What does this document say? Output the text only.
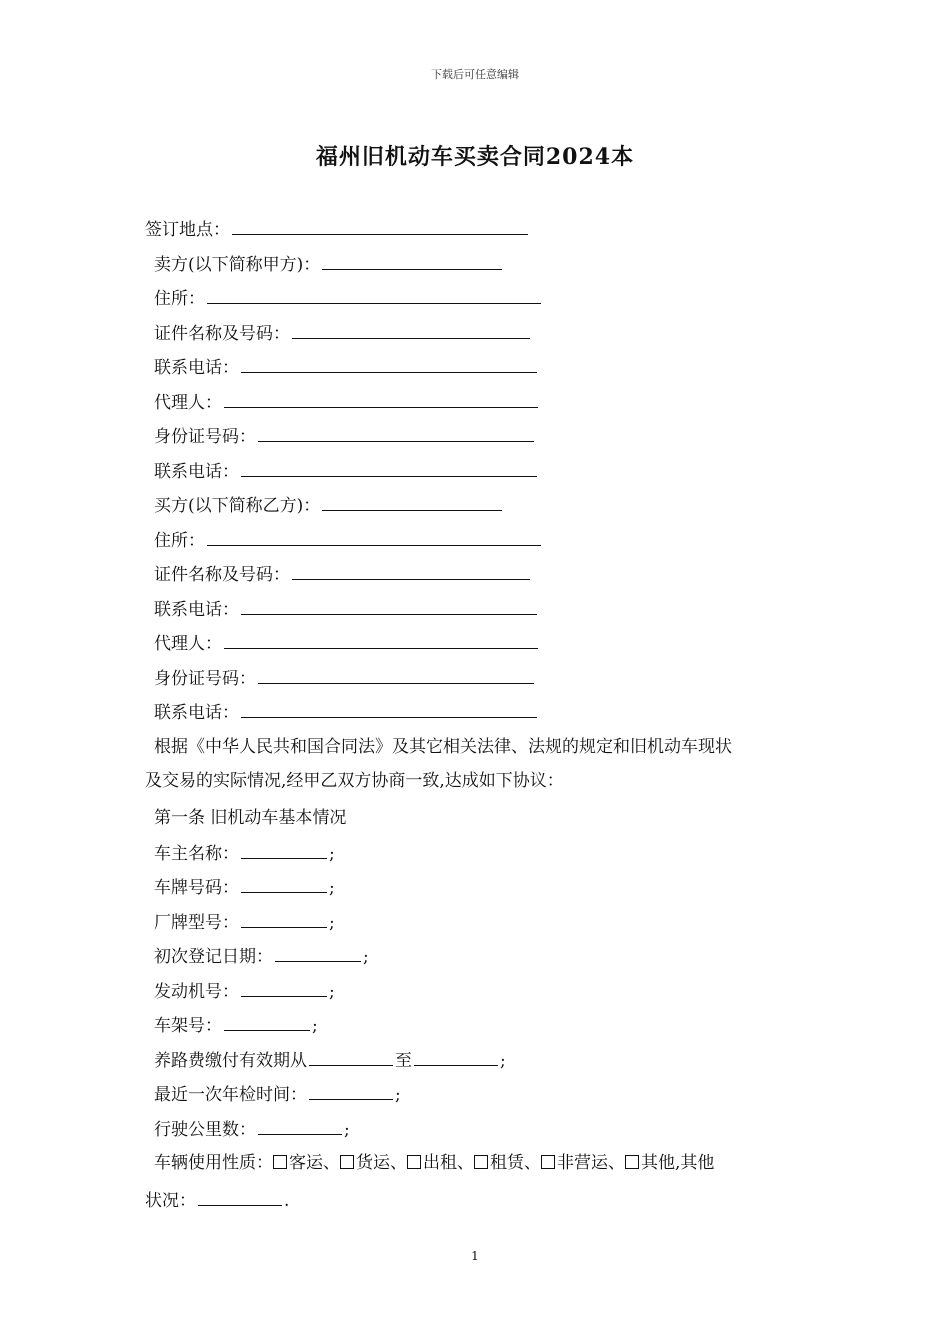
下载后可任意编辑
福州旧机动车买卖合同2024本
签订地点：
卖方(以下简称甲方)：
住所：
证件名称及号码：
联系电话：
代理人：
身份证号码：
联系电话：
买方(以下简称乙方)：
住所：
证件名称及号码：
联系电话：
代理人：
身份证号码：
联系电话：
根据《中华人民共和国合同法》及其它相关法律、法规的规定和旧机动车现状
及交易的实际情况,经甲乙双方协商一致,达成如下协议：
第一条 旧机动车基本情况
车主名称：	;
车牌号码：	;
厂牌型号：	;
初次登记日期：	;
发动机号：	;
车架号：	;
养路费缴付有效期从	至	;
最近一次年检时间：	;
行驶公里数：	;
车辆使用性质： 客运、 货运、 出租、 租赁、 非营运、 其他,其他
状况：	.
1
